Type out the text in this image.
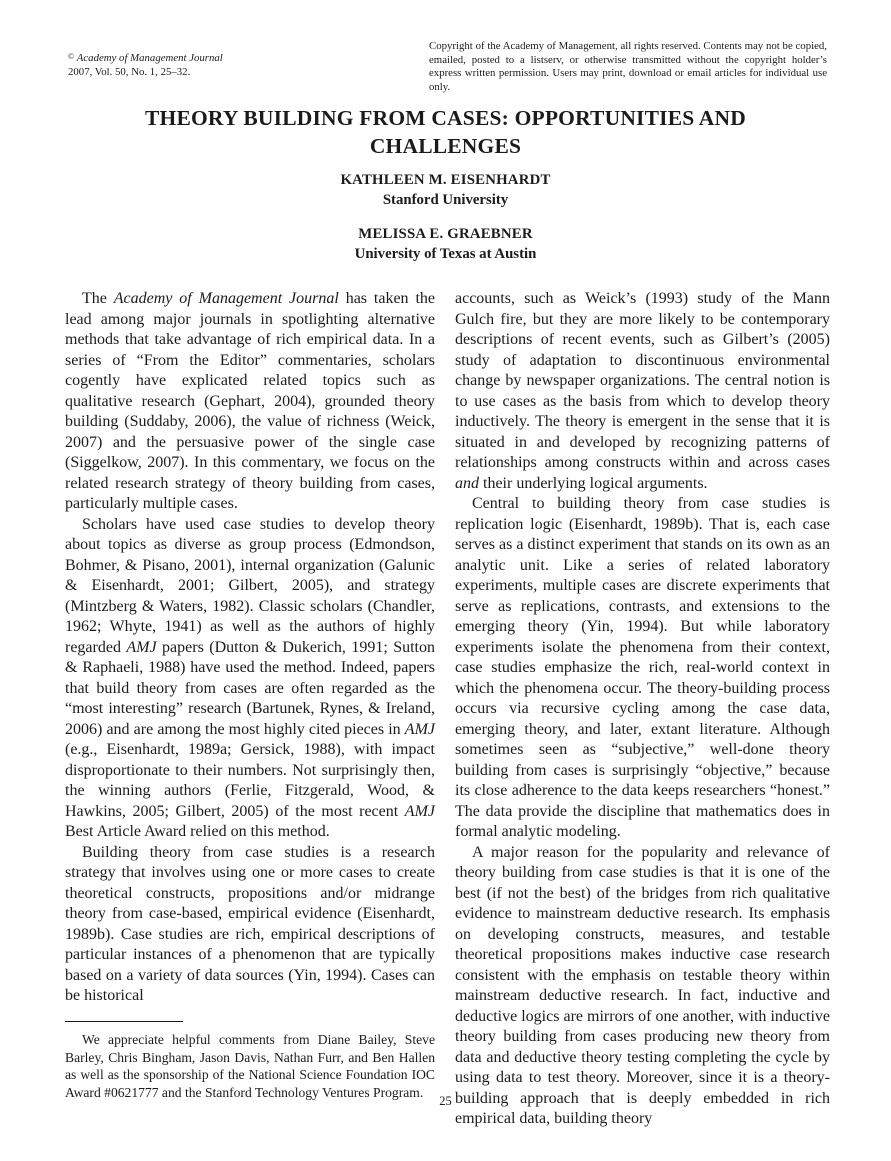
© Academy of Management Journal
2007, Vol. 50, No. 1, 25–32.
Copyright of the Academy of Management, all rights reserved. Contents may not be copied, emailed, posted to a listserv, or otherwise transmitted without the copyright holder’s express written permission. Users may print, download or email articles for individual use only.
THEORY BUILDING FROM CASES: OPPORTUNITIES AND CHALLENGES
KATHLEEN M. EISENHARDT
Stanford University
MELISSA E. GRAEBNER
University of Texas at Austin

The Academy of Management Journal has taken the lead among major journals in spotlighting alternative methods that take advantage of rich empirical data. In a series of “From the Editor” commentaries, scholars cogently have explicated related topics such as qualitative research (Gephart, 2004), grounded theory building (Suddaby, 2006), the value of richness (Weick, 2007) and the persuasive power of the single case (Siggelkow, 2007). In this commentary, we focus on the related research strategy of theory building from cases, particularly multiple cases.

Scholars have used case studies to develop theory about topics as diverse as group process (Edmondson, Bohmer, & Pisano, 2001), internal organization (Galunic & Eisenhardt, 2001; Gilbert, 2005), and strategy (Mintzberg & Waters, 1982). Classic scholars (Chandler, 1962; Whyte, 1941) as well as the authors of highly regarded AMJ papers (Dutton & Dukerich, 1991; Sutton & Raphaeli, 1988) have used the method. Indeed, papers that build theory from cases are often regarded as the “most interesting” research (Bartunek, Rynes, & Ireland, 2006) and are among the most highly cited pieces in AMJ (e.g., Eisenhardt, 1989a; Gersick, 1988), with impact disproportionate to their numbers. Not surprisingly then, the winning authors (Ferlie, Fitzgerald, Wood, & Hawkins, 2005; Gilbert, 2005) of the most recent AMJ Best Article Award relied on this method.

Building theory from case studies is a research strategy that involves using one or more cases to create theoretical constructs, propositions and/or midrange theory from case-based, empirical evidence (Eisenhardt, 1989b). Case studies are rich, empirical descriptions of particular instances of a phenomenon that are typically based on a variety of data sources (Yin, 1994). Cases can be historical

We appreciate helpful comments from Diane Bailey, Steve Barley, Chris Bingham, Jason Davis, Nathan Furr, and Ben Hallen as well as the sponsorship of the National Science Foundation IOC Award #0621777 and the Stanford Technology Ventures Program.

accounts, such as Weick’s (1993) study of the Mann Gulch fire, but they are more likely to be contemporary descriptions of recent events, such as Gilbert’s (2005) study of adaptation to discontinuous environmental change by newspaper organizations. The central notion is to use cases as the basis from which to develop theory inductively. The theory is emergent in the sense that it is situated in and developed by recognizing patterns of relationships among constructs within and across cases and their underlying logical arguments.

Central to building theory from case studies is replication logic (Eisenhardt, 1989b). That is, each case serves as a distinct experiment that stands on its own as an analytic unit. Like a series of related laboratory experiments, multiple cases are discrete experiments that serve as replications, contrasts, and extensions to the emerging theory (Yin, 1994). But while laboratory experiments isolate the phenomena from their context, case studies emphasize the rich, real-world context in which the phenomena occur. The theory-building process occurs via recursive cycling among the case data, emerging theory, and later, extant literature. Although sometimes seen as “subjective,” well-done theory building from cases is surprisingly “objective,” because its close adherence to the data keeps researchers “honest.” The data provide the discipline that mathematics does in formal analytic modeling.

A major reason for the popularity and relevance of theory building from case studies is that it is one of the best (if not the best) of the bridges from rich qualitative evidence to mainstream deductive research. Its emphasis on developing constructs, measures, and testable theoretical propositions makes inductive case research consistent with the emphasis on testable theory within mainstream deductive research. In fact, inductive and deductive logics are mirrors of one another, with inductive theory building from cases producing new theory from data and deductive theory testing completing the cycle by using data to test theory. Moreover, since it is a theory-building approach that is deeply embedded in rich empirical data, building theory

25
